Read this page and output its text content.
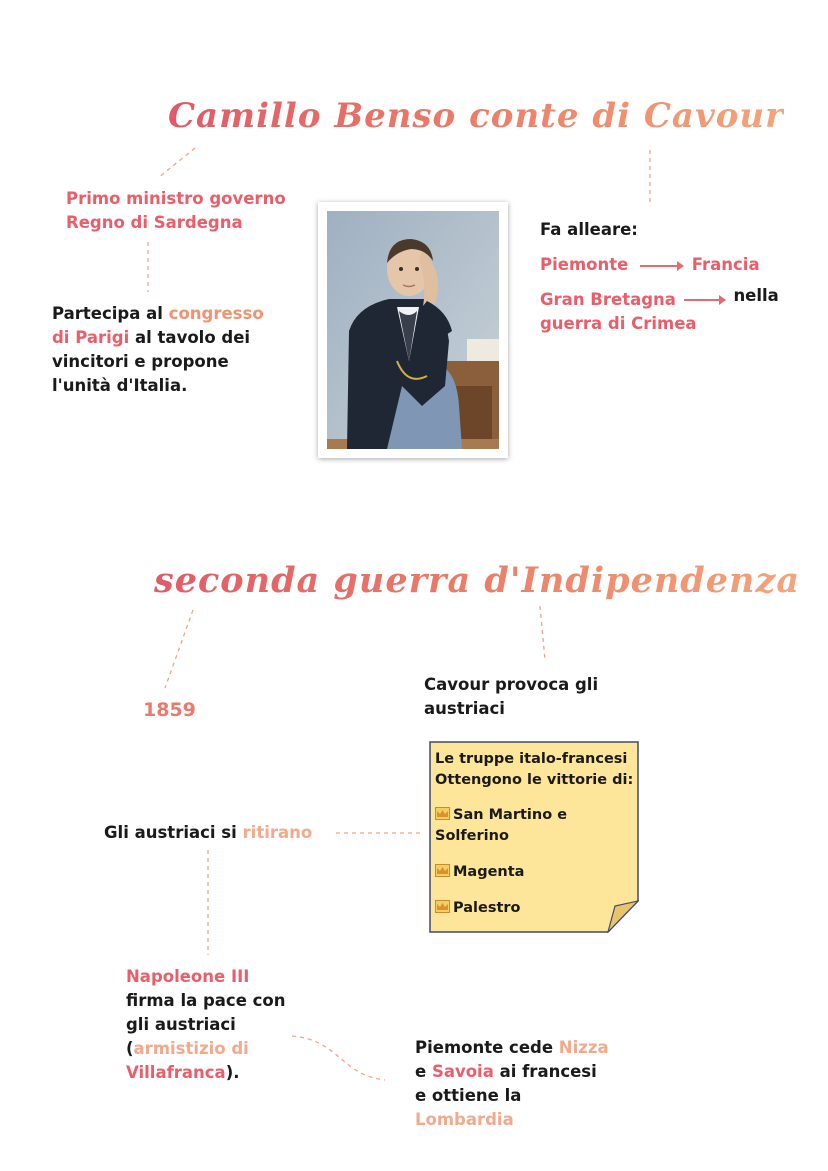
Camillo Benso conte di Cavour
Primo ministro governo
Regno di Sardegna
Partecipa al congresso
di Parigi al tavolo dei
vincitori e propone
l'unità d'Italia.
Fa alleare:
Piemonte	Francia
Gran Bretagna	nella
guerra di Crimea
seconda guerra d'Indipendenza
1859
Cavour provoca gli
austriaci
Le truppe italo-francesi
Ottengono le vittorie di:
San Martino e
Solferino
Magenta
Palestro
Gli austriaci si ritirano
Napoleone III
firma la pace con
gli austriaci
(armistizio di
Villafranca).
Piemonte cede Nizza
e Savoia ai francesi
e ottiene la
Lombardia
